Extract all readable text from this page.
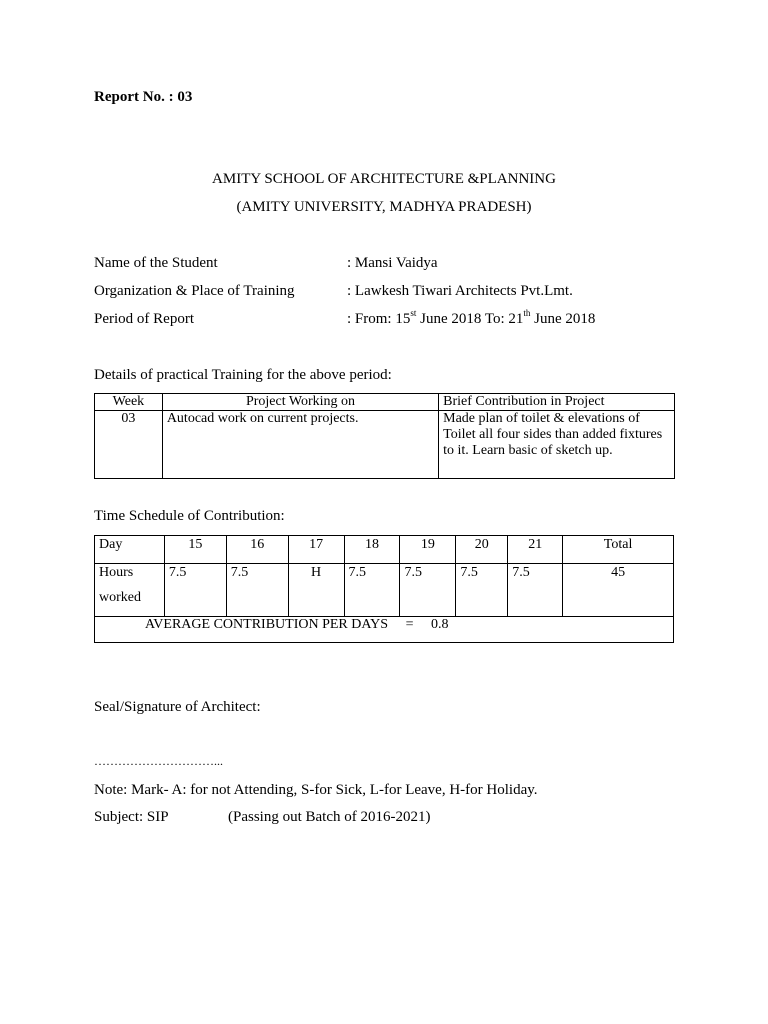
Report No. : 03
AMITY SCHOOL OF ARCHITECTURE &PLANNING
(AMITY UNIVERSITY, MADHYA PRADESH)
Name of the Student	: Mansi Vaidya
Organization & Place of Training	: Lawkesh Tiwari Architects Pvt.Lmt.
Period of Report	: From: 15st June 2018 To: 21th June 2018
Details of practical Training for the above period:
Week	Project Working on	Brief Contribution in Project
03	Autocad work on current projects.	Made plan of toilet & elevations of Toilet all four sides than added fixtures to it. Learn basic of sketch up.
Time Schedule of Contribution:
Day	15	16	17	18	19	20	21	Total

Hours
worked	7.5	7.5	H	7.5	7.5	7.5	7.5	45
AVERAGE CONTRIBUTION PER DAYS     =     0.8								
Seal/Signature of Architect:
…………………………...
Note: Mark- A: for not Attending, S-for Sick, L-for Leave, H-for Holiday.
Subject: SIP	(Passing out Batch of 2016-2021)
